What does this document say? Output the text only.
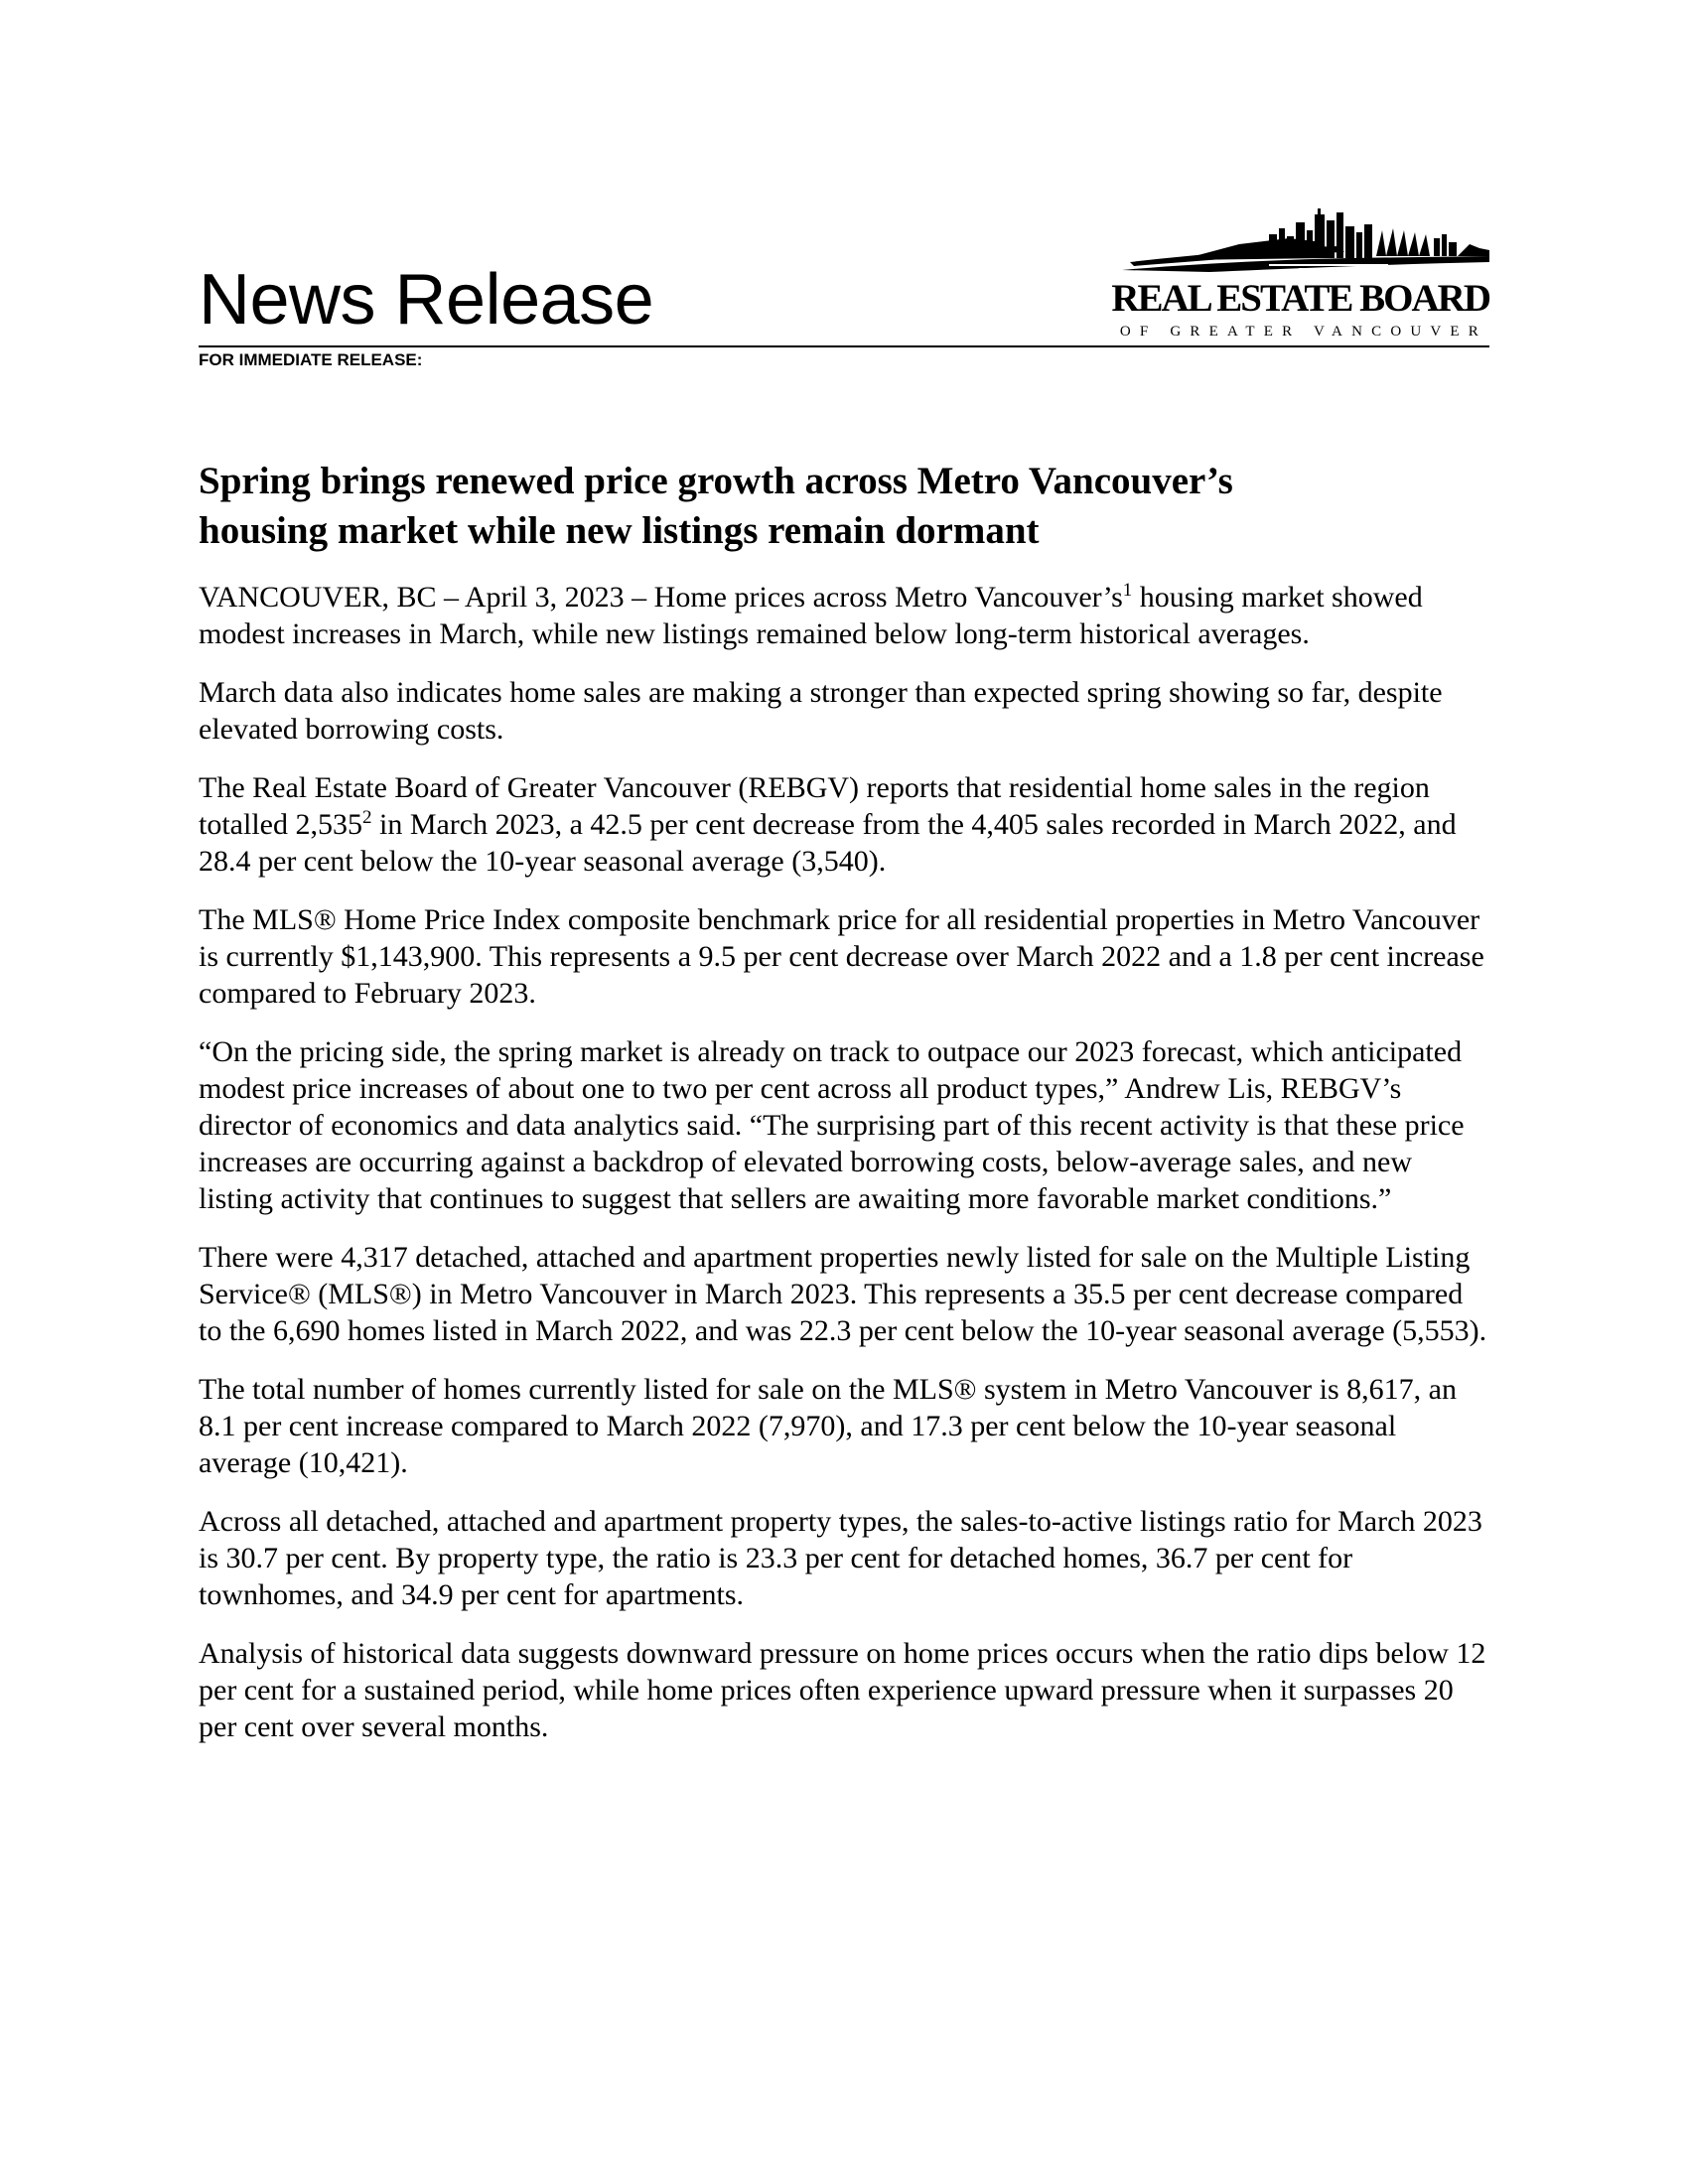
News Release	REAL ESTATE BOARD
OF GREATER VANCOUVER
FOR IMMEDIATE RELEASE:
Spring brings renewed price growth across Metro Vancouver’s
housing market while new listings remain dormant

VANCOUVER, BC – April 3, 2023 – Home prices across Metro $Vancouver’s^1$ housing market showed modest increases in March, while new listings remained below long-term historical averages.

March data also indicates home sales are making a stronger than expected spring showing so far, despite elevated borrowing costs.

The Real Estate Board of Greater Vancouver (REBGV) reports that residential home sales in the region totalled 2,535$^2$ in March 2023, a 42.5 per cent decrease from the 4,405 sales recorded in March 2022, and 28.4 per cent below the 10-year seasonal average (3,540).

The MLS® Home Price Index composite benchmark price for all residential properties in Metro Vancouver is currently $1,143,900. This represents a 9.5 per cent decrease over March 2022 and a 1.8 per cent increase compared to February 2023.

“On the pricing side, the spring market is already on track to outpace our 2023 forecast, which anticipated modest price increases of about one to two per cent across all product types,” Andrew Lis, REBGV’s director of economics and data analytics said. “The surprising part of this recent activity is that these price increases are occurring against a backdrop of elevated borrowing costs, below-average sales, and new listing activity that continues to suggest that sellers are awaiting more favorable market conditions.”

There were 4,317 detached, attached and apartment properties newly listed for sale on the Multiple Listing Service® (MLS®) in Metro Vancouver in March 2023. This represents a 35.5 per cent decrease compared to the 6,690 homes listed in March 2022, and was 22.3 per cent below the 10-year seasonal average (5,553).

The total number of homes currently listed for sale on the MLS® system in Metro Vancouver is 8,617, an 8.1 per cent increase compared to March 2022 (7,970), and 17.3 per cent below the 10-year seasonal average (10,421).

Across all detached, attached and apartment property types, the sales-to-active listings ratio for March 2023 is 30.7 per cent. By property type, the ratio is 23.3 per cent for detached homes, 36.7 per cent for townhomes, and 34.9 per cent for apartments.

Analysis of historical data suggests downward pressure on home prices occurs when the ratio dips below 12 per cent for a sustained period, while home prices often experience upward pressure when it surpasses 20 per cent over several months.
